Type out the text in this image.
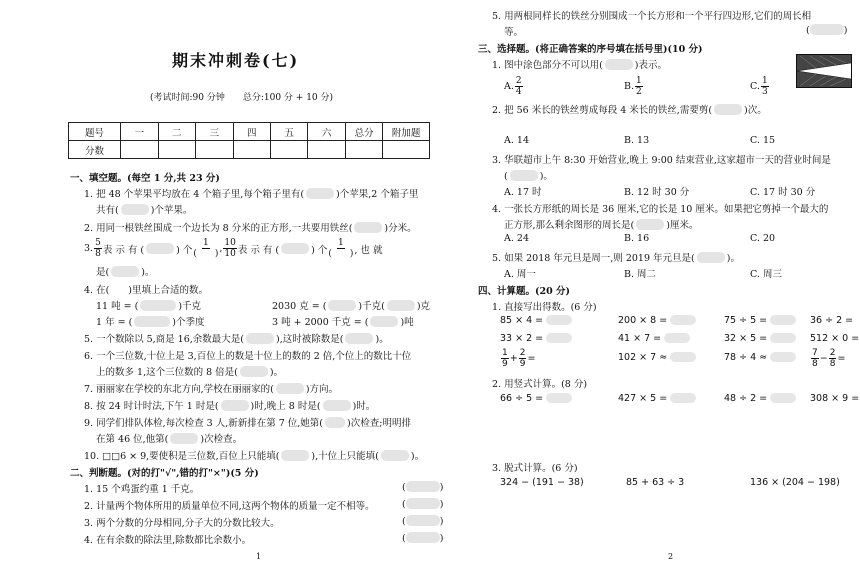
期末冲刺卷(七)
(考试时间:90 分钟　　总分:100 分 + 10 分)
题号	一	二	三	四	五	六	总分	附加题
分数								
一、填空题。(每空 1 分,共 23 分)
1. 把 48 个苹果平均放在 4 个箱子里,每个箱子里有(	)个苹果,2 个箱子里
共有(	)个苹果。
2. 用同一根铁丝围成一个边长为 8 分米的正方形,一共要用铁丝(	)分米。
3. $\frac{5}{8}$ 表 示 有 (	) 个 $\frac{1}{( )}$ , $\frac{10}{10}$ 表 示 有 (	) 个 $\frac{1}{( )}$ , 也 就
是(	)。
4. 在(　　)里填上合适的数。
11 吨 = (	)千克	2030 克 = (	)千克(	)克
1 年 = (	)个季度	3 吨 + 2000 千克 = (	)吨
5. 一个数除以 5,商是 16,余数最大是(	),这时被除数是(	)。
6. 一个三位数,十位上是 3,百位上的数是十位上的数的 2 倍,个位上的数比十位
上的数多 1,这个三位数的 8 倍是(	)。
7. 丽丽家在学校的东北方向,学校在丽丽家的(	)方向。
8. 按 24 时计时法,下午 1 时是(	)时,晚上 8 时是(	)时。
9. 同学们排队体检,每次检查 3 人,新新排在第 7 位,她第(	)次检查;明明排
在第 46 位,他第(	)次检查。
10. □□6 × 9,要使积是三位数,百位上只能填(	),十位上只能填(	)。
二、判断题。(对的打"√",错的打"×")(5 分)
1. 15 个鸡蛋约重 1 千克。	(	)
2. 计量两个物体所用的质量单位不同,这两个物体的质量一定不相等。	(	)
3. 两个分数的分母相同,分子大的分数比较大。	(	)
4. 在有余数的除法里,除数都比余数小。	(	)
1
5. 用两根同样长的铁丝分别围成一个长方形和一个平行四边形,它们的周长相
等。	(	)
三、选择题。(将正确答案的序号填在括号里)(10 分)
1. 图中涂色部分不可以用(	)表示。
A. $\frac{2}{4}$	B. $\frac{1}{2}$	C. $\frac{1}{3}$
2. 把 56 米长的铁丝剪成每段 4 米长的铁丝,需要剪(	)次。
A. 14	B. 13	C. 15
3. 华联超市上午 8:30 开始营业,晚上 9:00 结束营业,这家超市一天的营业时间是
(	)。
A. 17 时	B. 12 时 30 分	C. 17 时 30 分
4. 一张长方形纸的周长是 36 厘米,它的长是 10 厘米。如果把它剪掉一个最大的
正方形,那么剩余图形的周长是(	)厘米。
A. 24	B. 16	C. 20
5. 如果 2018 年元旦是周一,则 2019 年元旦是(	)。
A. 周一	B. 周二	C. 周三
四、计算题。(20 分)
1. 直接写出得数。(6 分)
85 × 4 =	200 × 8 =	75 ÷ 5 =	36 ÷ 2 =
33 × 2 =	41 × 7 =	32 × 5 =	512 × 0 =
$\frac{1}{9} + \frac{2}{9}$ =	102 × 7 ≈	78 ÷ 4 ≈	$\frac{7}{8} - \frac{2}{8}$ =
2. 用竖式计算。(8 分)
66 ÷ 5 =	427 × 5 =	48 ÷ 2 =	308 × 9 =
3. 脱式计算。(6 分)
324 − (191 − 38)	85 + 63 ÷ 3	136 × (204 − 198)
2
